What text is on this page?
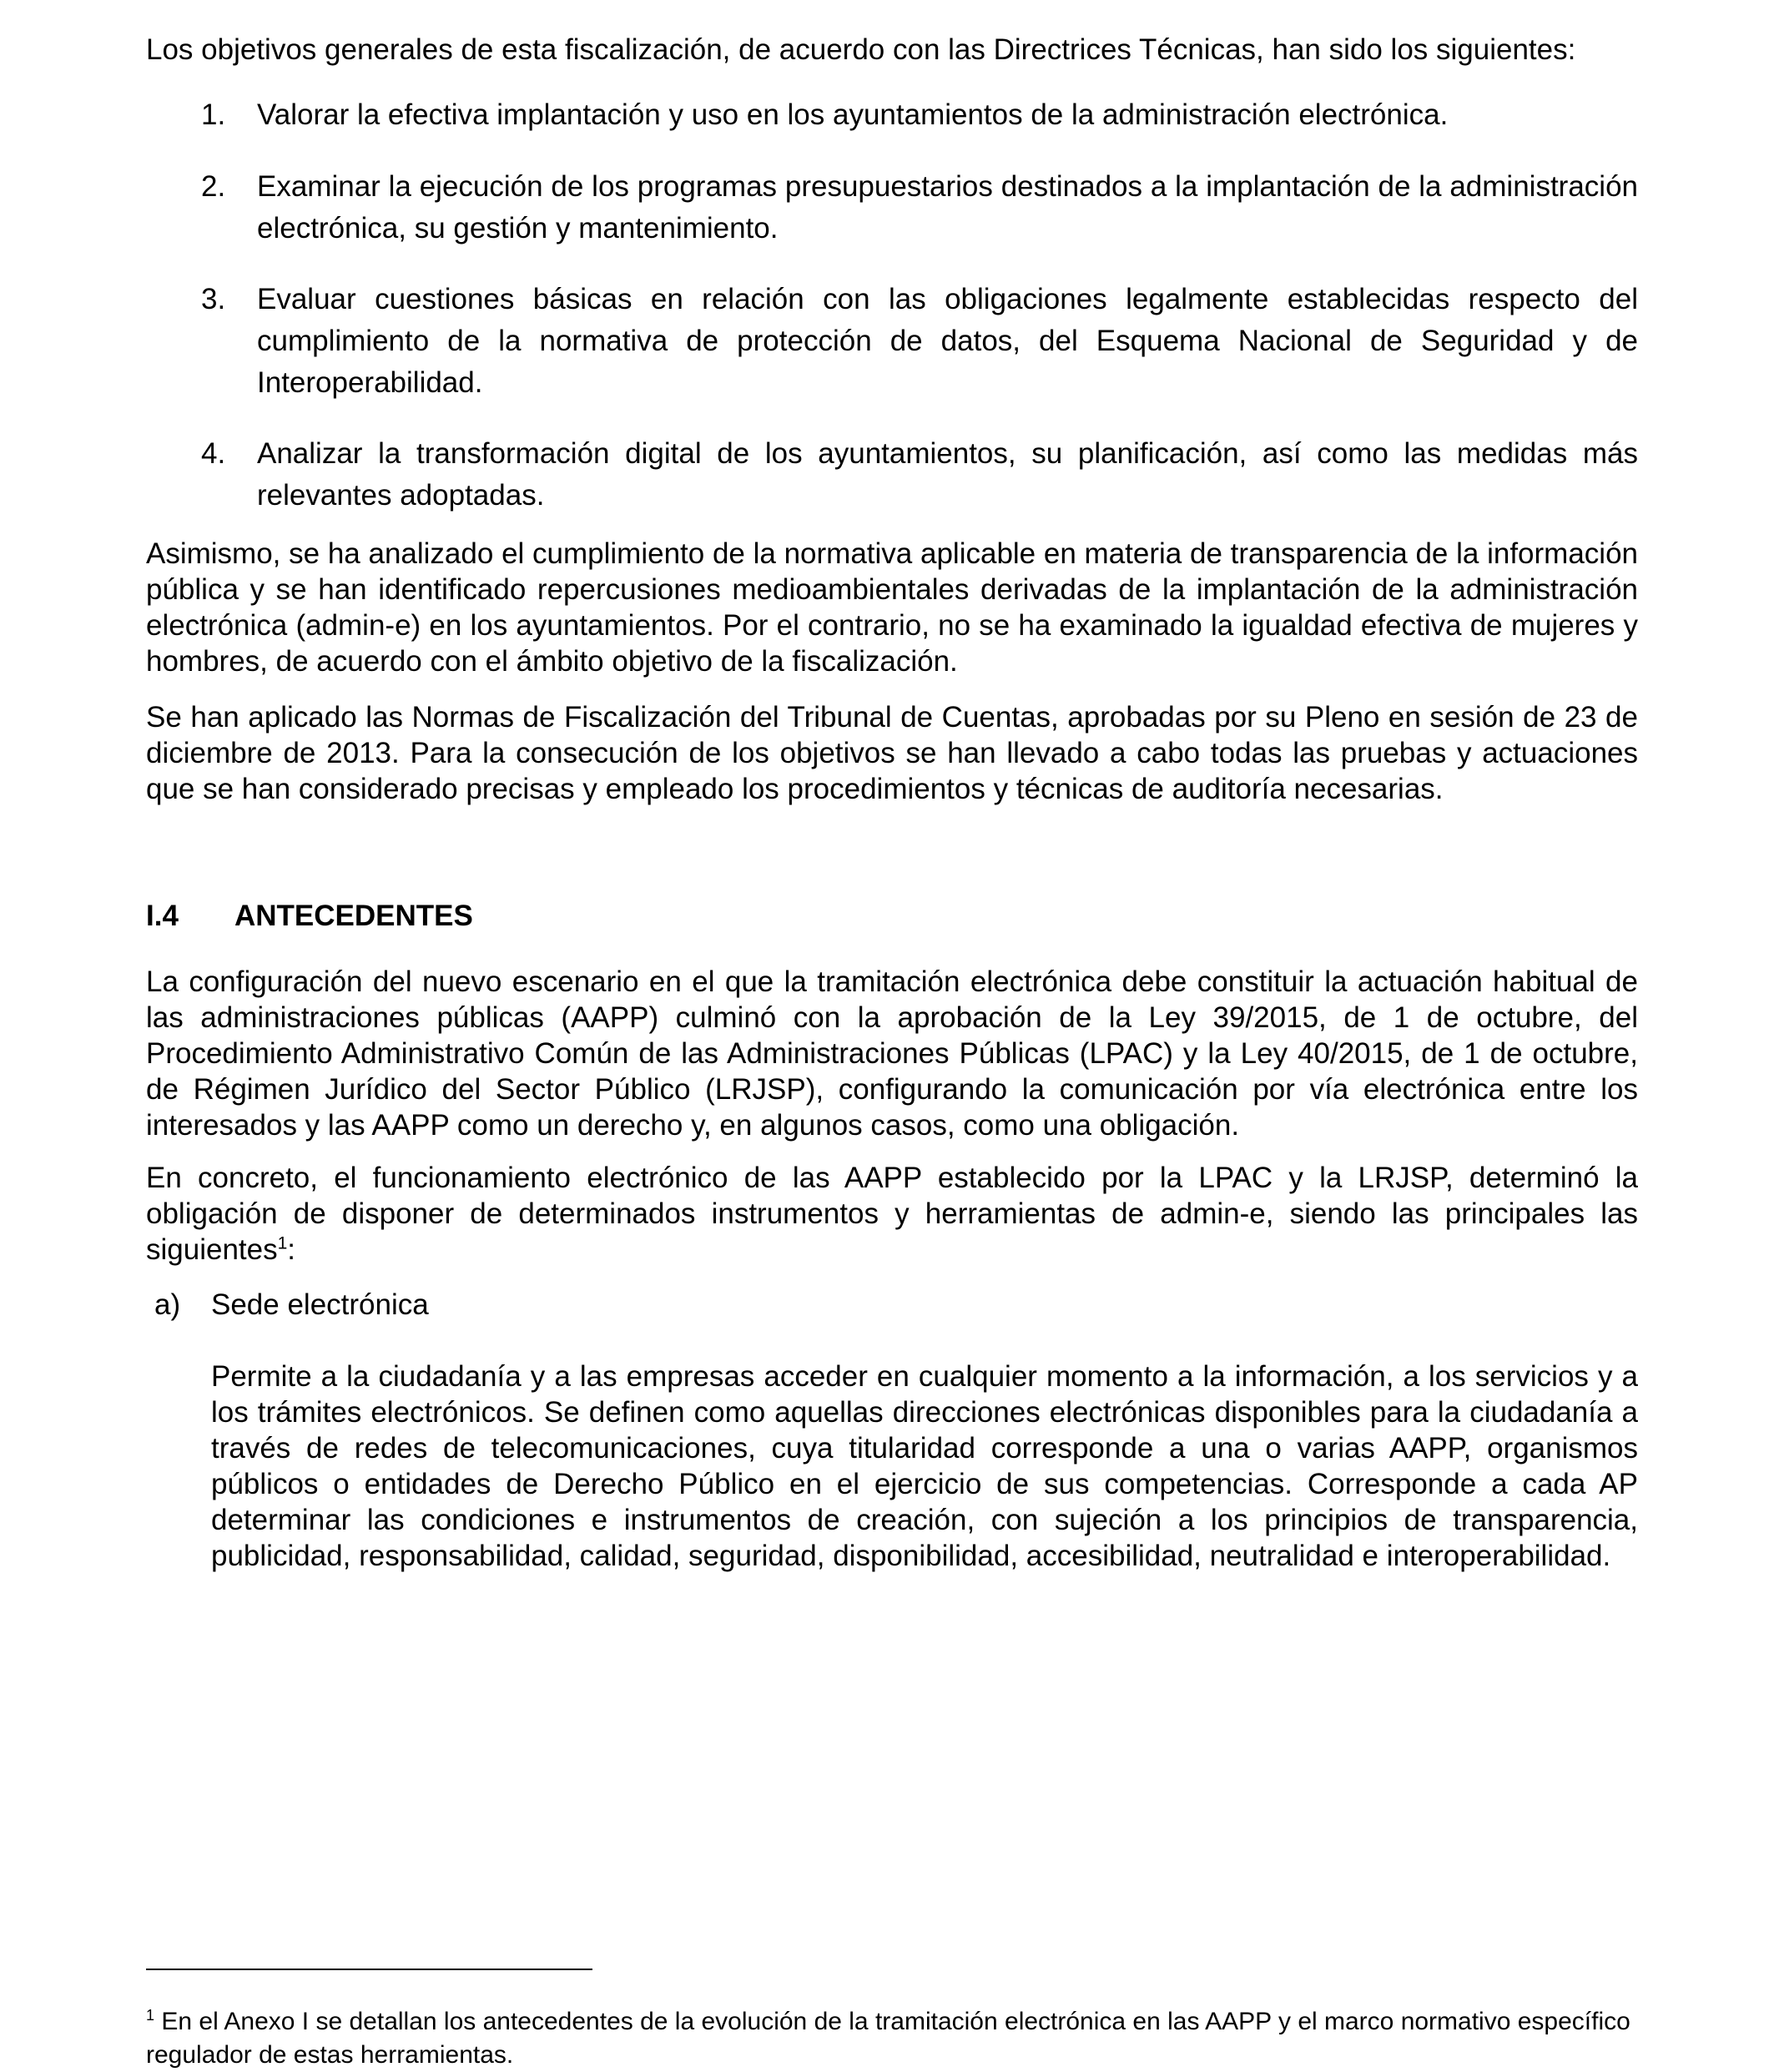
Los objetivos generales de esta fiscalización, de acuerdo con las Directrices Técnicas, han sido los siguientes:
1. Valorar la efectiva implantación y uso en los ayuntamientos de la administración electrónica.
2. Examinar la ejecución de los programas presupuestarios destinados a la implantación de la administración electrónica, su gestión y mantenimiento.
3. Evaluar cuestiones básicas en relación con las obligaciones legalmente establecidas respecto del cumplimiento de la normativa de protección de datos, del Esquema Nacional de Seguridad y de Interoperabilidad.
4. Analizar la transformación digital de los ayuntamientos, su planificación, así como las medidas más relevantes adoptadas.
Asimismo, se ha analizado el cumplimiento de la normativa aplicable en materia de transparencia de la información pública y se han identificado repercusiones medioambientales derivadas de la implantación de la administración electrónica (admin-e) en los ayuntamientos. Por el contrario, no se ha examinado la igualdad efectiva de mujeres y hombres, de acuerdo con el ámbito objetivo de la fiscalización.
Se han aplicado las Normas de Fiscalización del Tribunal de Cuentas, aprobadas por su Pleno en sesión de 23 de diciembre de 2013. Para la consecución de los objetivos se han llevado a cabo todas las pruebas y actuaciones que se han considerado precisas y empleado los procedimientos y técnicas de auditoría necesarias.
I.4 ANTECEDENTES
La configuración del nuevo escenario en el que la tramitación electrónica debe constituir la actuación habitual de las administraciones públicas (AAPP) culminó con la aprobación de la Ley 39/2015, de 1 de octubre, del Procedimiento Administrativo Común de las Administraciones Públicas (LPAC) y la Ley 40/2015, de 1 de octubre, de Régimen Jurídico del Sector Público (LRJSP), configurando la comunicación por vía electrónica entre los interesados y las AAPP como un derecho y, en algunos casos, como una obligación.
En concreto, el funcionamiento electrónico de las AAPP establecido por la LPAC y la LRJSP, determinó la obligación de disponer de determinados instrumentos y herramientas de admin-e, siendo las principales las siguientes$^1$:
a) Sede electrónica
Permite a la ciudadanía y a las empresas acceder en cualquier momento a la información, a los servicios y a los trámites electrónicos. Se definen como aquellas direcciones electrónicas disponibles para la ciudadanía a través de redes de telecomunicaciones, cuya titularidad corresponde a una o varias AAPP, organismos públicos o entidades de Derecho Público en el ejercicio de sus competencias. Corresponde a cada AP determinar las condiciones e instrumentos de creación, con sujeción a los principios de transparencia, publicidad, responsabilidad, calidad, seguridad, disponibilidad, accesibilidad, neutralidad e interoperabilidad.
$^1$ En el Anexo I se detallan los antecedentes de la evolución de la tramitación electrónica en las AAPP y el marco normativo específico regulador de estas herramientas.
